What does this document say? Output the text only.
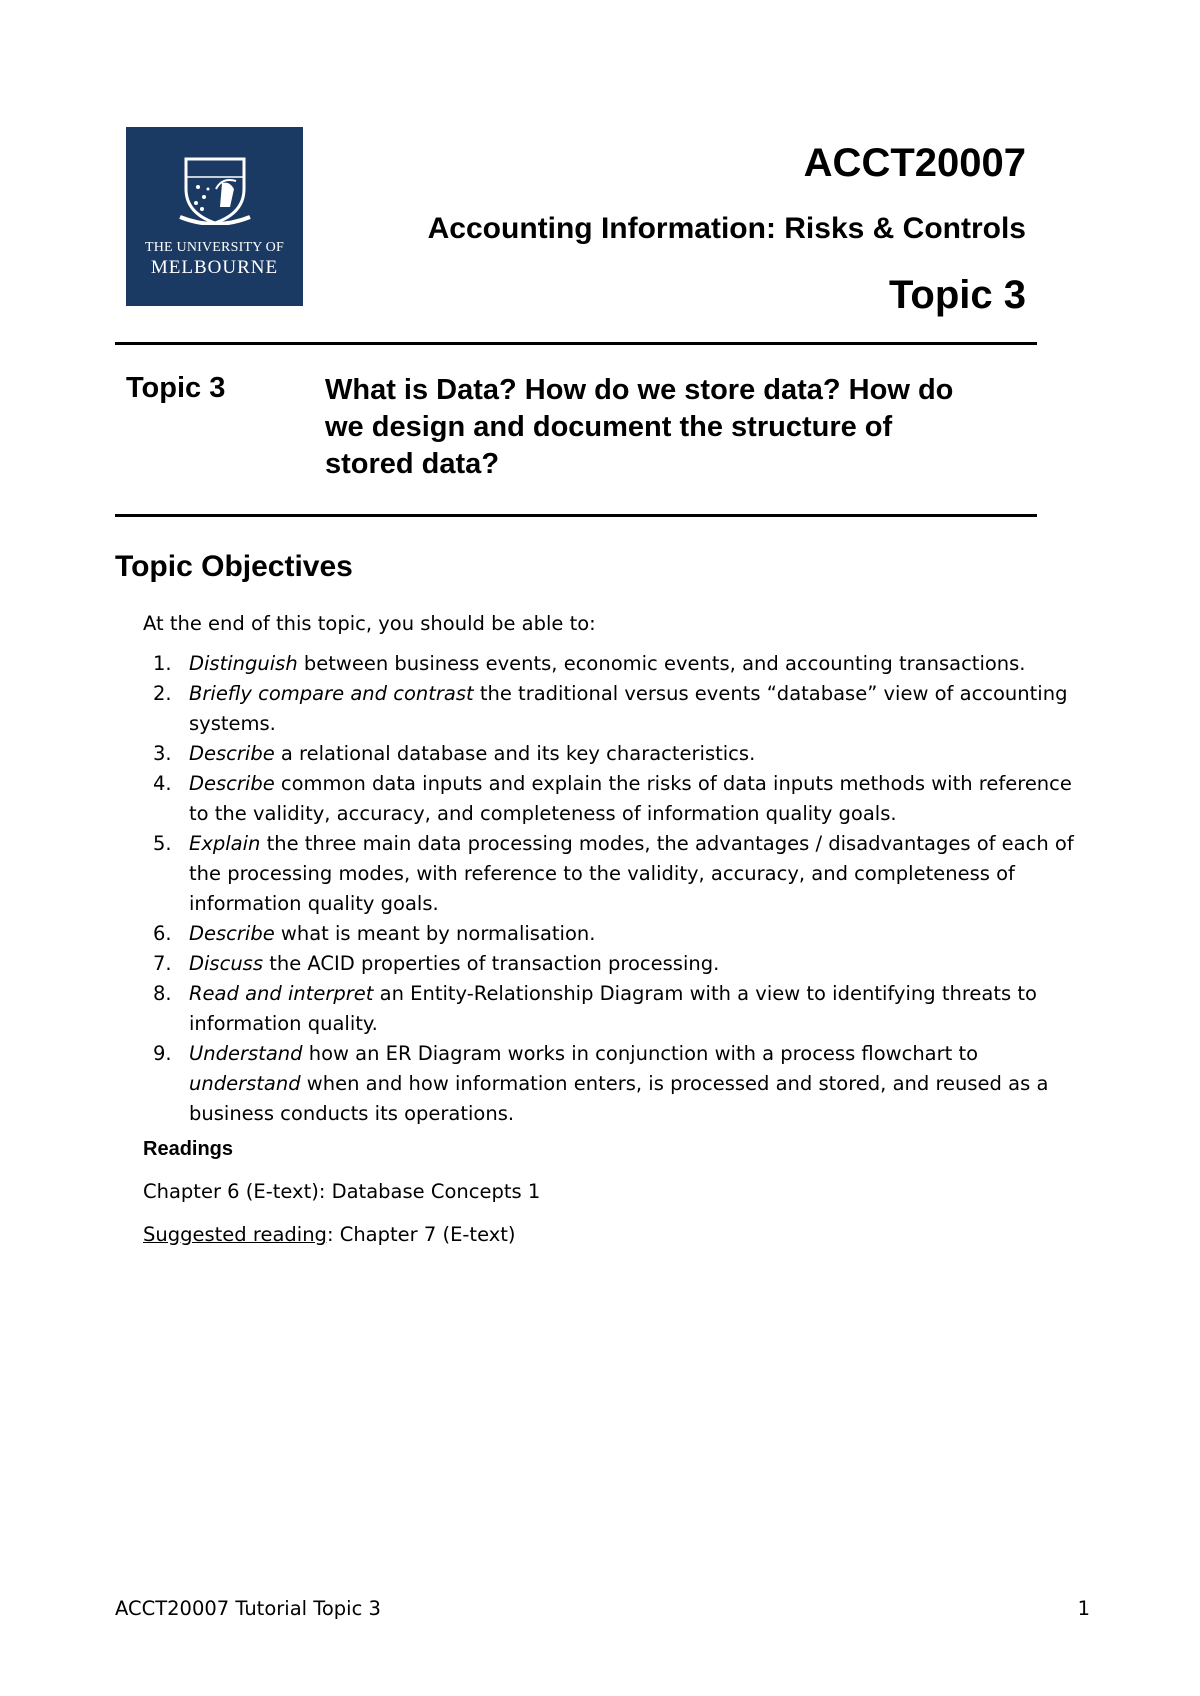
THE UNIVERSITY OF
MELBOURNE
ACCT20007
Accounting Information: Risks & Controls
Topic 3
Topic 3	What is Data? How do we store data? How do we design and document the structure of stored data?
Topic Objectives
At the end of this topic, you should be able to:
1. Distinguish between business events, economic events, and accounting transactions.
2. Briefly compare and contrast the traditional versus events “database” view of accounting systems.
3. Describe a relational database and its key characteristics.
4. Describe common data inputs and explain the risks of data inputs methods with reference to the validity, accuracy, and completeness of information quality goals.
5. Explain the three main data processing modes, the advantages / disadvantages of each of the processing modes, with reference to the validity, accuracy, and completeness of information quality goals.
6. Describe what is meant by normalisation.
7. Discuss the ACID properties of transaction processing.
8. Read and interpret an Entity-Relationship Diagram with a view to identifying threats to information quality.
9. Understand how an ER Diagram works in conjunction with a process flowchart to understand when and how information enters, is processed and stored, and reused as a business conducts its operations.
Readings
Chapter 6 (E-text): Database Concepts 1
Suggested reading: Chapter 7 (E-text)
ACCT20007 Tutorial Topic 3	1
